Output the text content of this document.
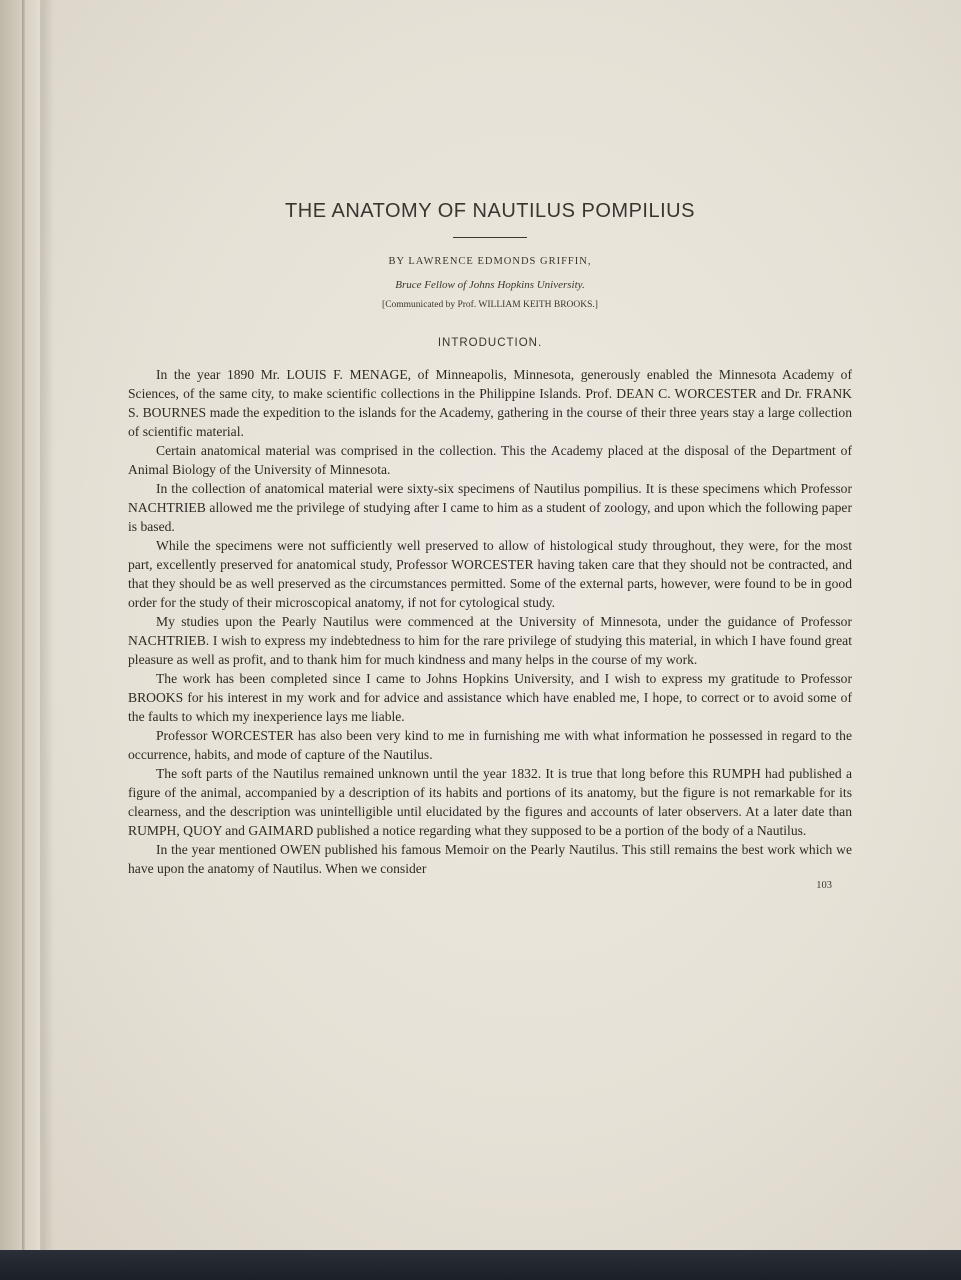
THE ANATOMY OF NAUTILUS POMPILIUS
BY LAWRENCE EDMONDS GRIFFIN,
Bruce Fellow of Johns Hopkins University.
[Communicated by Prof. WILLIAM KEITH BROOKS.]
INTRODUCTION.

In the year 1890 Mr. LOUIS F. MENAGE, of Minneapolis, Minnesota, generously enabled the Minnesota Academy of Sciences, of the same city, to make scientific collections in the Philippine Islands. Prof. DEAN C. WORCESTER and Dr. FRANK S. BOURNES made the expedition to the islands for the Academy, gathering in the course of their three years stay a large collection of scientific material.

Certain anatomical material was comprised in the collection. This the Academy placed at the disposal of the Department of Animal Biology of the University of Minnesota.

In the collection of anatomical material were sixty-six specimens of Nautilus pompilius. It is these specimens which Professor NACHTRIEB allowed me the privilege of studying after I came to him as a student of zoology, and upon which the following paper is based.

While the specimens were not sufficiently well preserved to allow of histological study throughout, they were, for the most part, excellently preserved for anatomical study, Professor WORCESTER having taken care that they should not be contracted, and that they should be as well preserved as the circumstances permitted. Some of the external parts, however, were found to be in good order for the study of their microscopical anatomy, if not for cytological study.

My studies upon the Pearly Nautilus were commenced at the University of Minnesota, under the guidance of Professor NACHTRIEB. I wish to express my indebtedness to him for the rare privilege of studying this material, in which I have found great pleasure as well as profit, and to thank him for much kindness and many helps in the course of my work.

The work has been completed since I came to Johns Hopkins University, and I wish to express my gratitude to Professor BROOKS for his interest in my work and for advice and assistance which have enabled me, I hope, to correct or to avoid some of the faults to which my inexperience lays me liable.

Professor WORCESTER has also been very kind to me in furnishing me with what information he possessed in regard to the occurrence, habits, and mode of capture of the Nautilus.

The soft parts of the Nautilus remained unknown until the year 1832. It is true that long before this RUMPH had published a figure of the animal, accompanied by a description of its habits and portions of its anatomy, but the figure is not remarkable for its clearness, and the description was unintelligible until elucidated by the figures and accounts of later observers. At a later date than RUMPH, QUOY and GAIMARD published a notice regarding what they supposed to be a portion of the body of a Nautilus.

In the year mentioned OWEN published his famous Memoir on the Pearly Nautilus. This still remains the best work which we have upon the anatomy of Nautilus. When we consider

103
